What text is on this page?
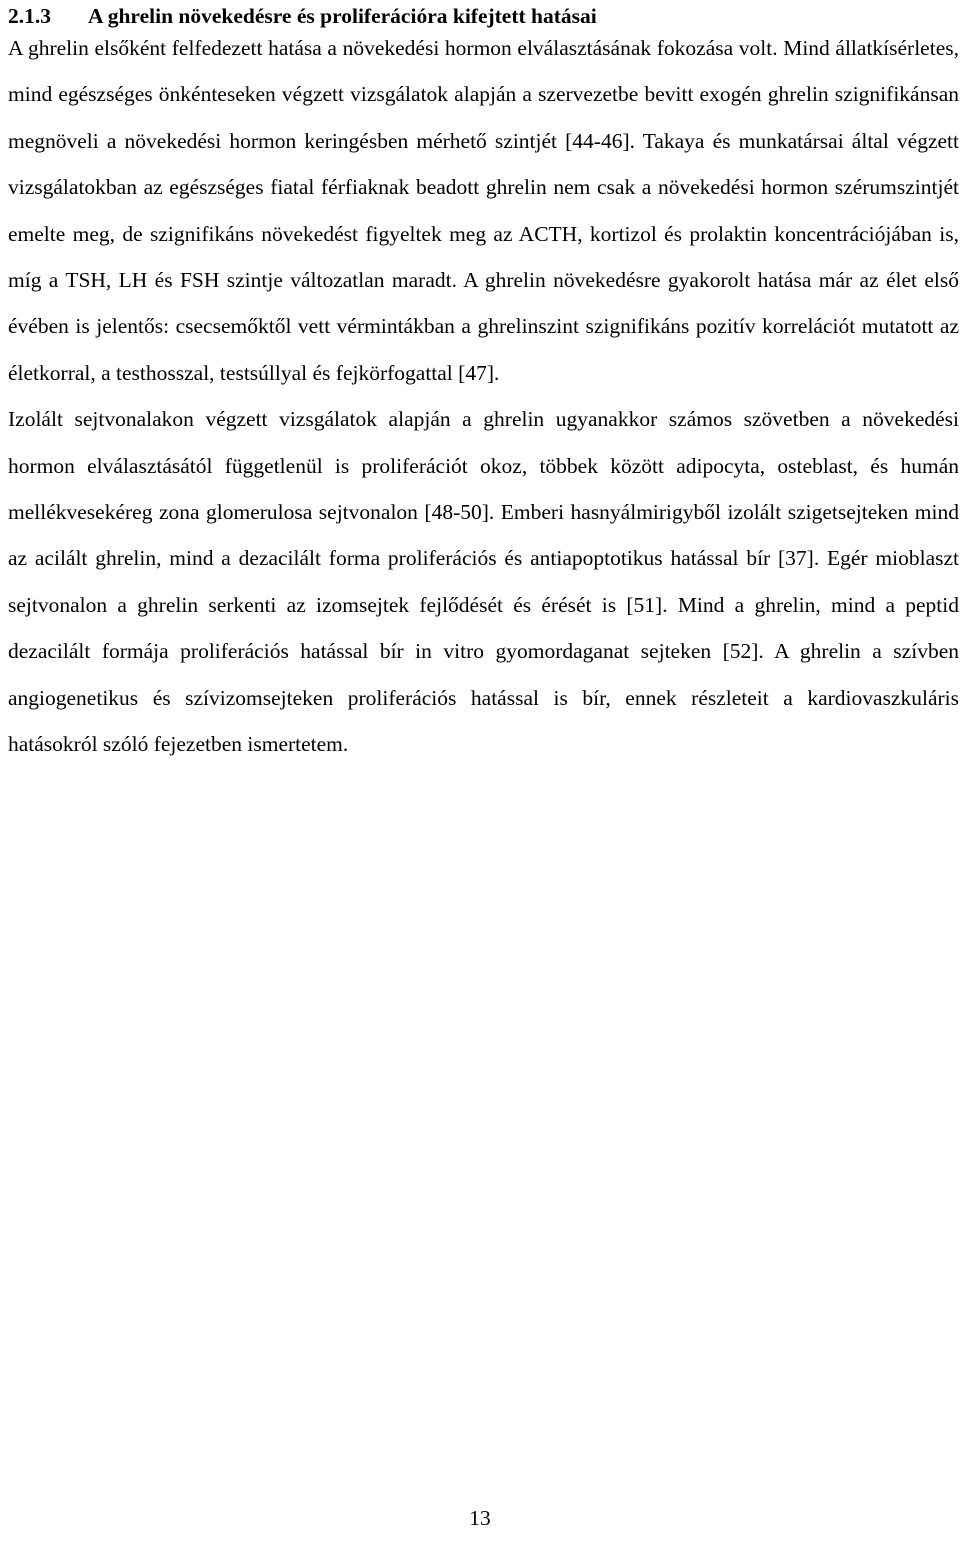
2.1.3 A ghrelin növekedésre és proliferációra kifejtett hatásai

A ghrelin elsőként felfedezett hatása a növekedési hormon elválasztásának fokozása volt. Mind állatkísérletes, mind egészséges önkénteseken végzett vizsgálatok alapján a szervezetbe bevitt exogén ghrelin szignifikánsan megnöveli a növekedési hormon keringésben mérhető szintjét [44-46]. Takaya és munkatársai által végzett vizsgálatokban az egészséges fiatal férfiaknak beadott ghrelin nem csak a növekedési hormon szérumszintjét emelte meg, de szignifikáns növekedést figyeltek meg az ACTH, kortizol és prolaktin koncentrációjában is, míg a TSH, LH és FSH szintje változatlan maradt. A ghrelin növekedésre gyakorolt hatása már az élet első évében is jelentős: csecsemőktől vett vérmintákban a ghrelinszint szignifikáns pozitív korrelációt mutatott az életkorral, a testhosszal, testsúllyal és fejkörfogattal [47].

Izolált sejtvonalakon végzett vizsgálatok alapján a ghrelin ugyanakkor számos szövetben a növekedési hormon elválasztásától függetlenül is proliferációt okoz, többek között adipocyta, osteblast, és humán mellékvesekéreg zona glomerulosa sejtvonalon [48-50]. Emberi hasnyálmirigyből izolált szigetsejteken mind az acilált ghrelin, mind a dezacilált forma proliferációs és antiapoptotikus hatással bír [37]. Egér mioblaszt sejtvonalon a ghrelin serkenti az izomsejtek fejlődését és érését is [51]. Mind a ghrelin, mind a peptid dezacilált formája proliferációs hatással bír in vitro gyomordaganat sejteken [52]. A ghrelin a szívben angiogenetikus és szívizomsejteken proliferációs hatással is bír, ennek részleteit a kardiovaszkuláris hatásokról szóló fejezetben ismertetem.

13
